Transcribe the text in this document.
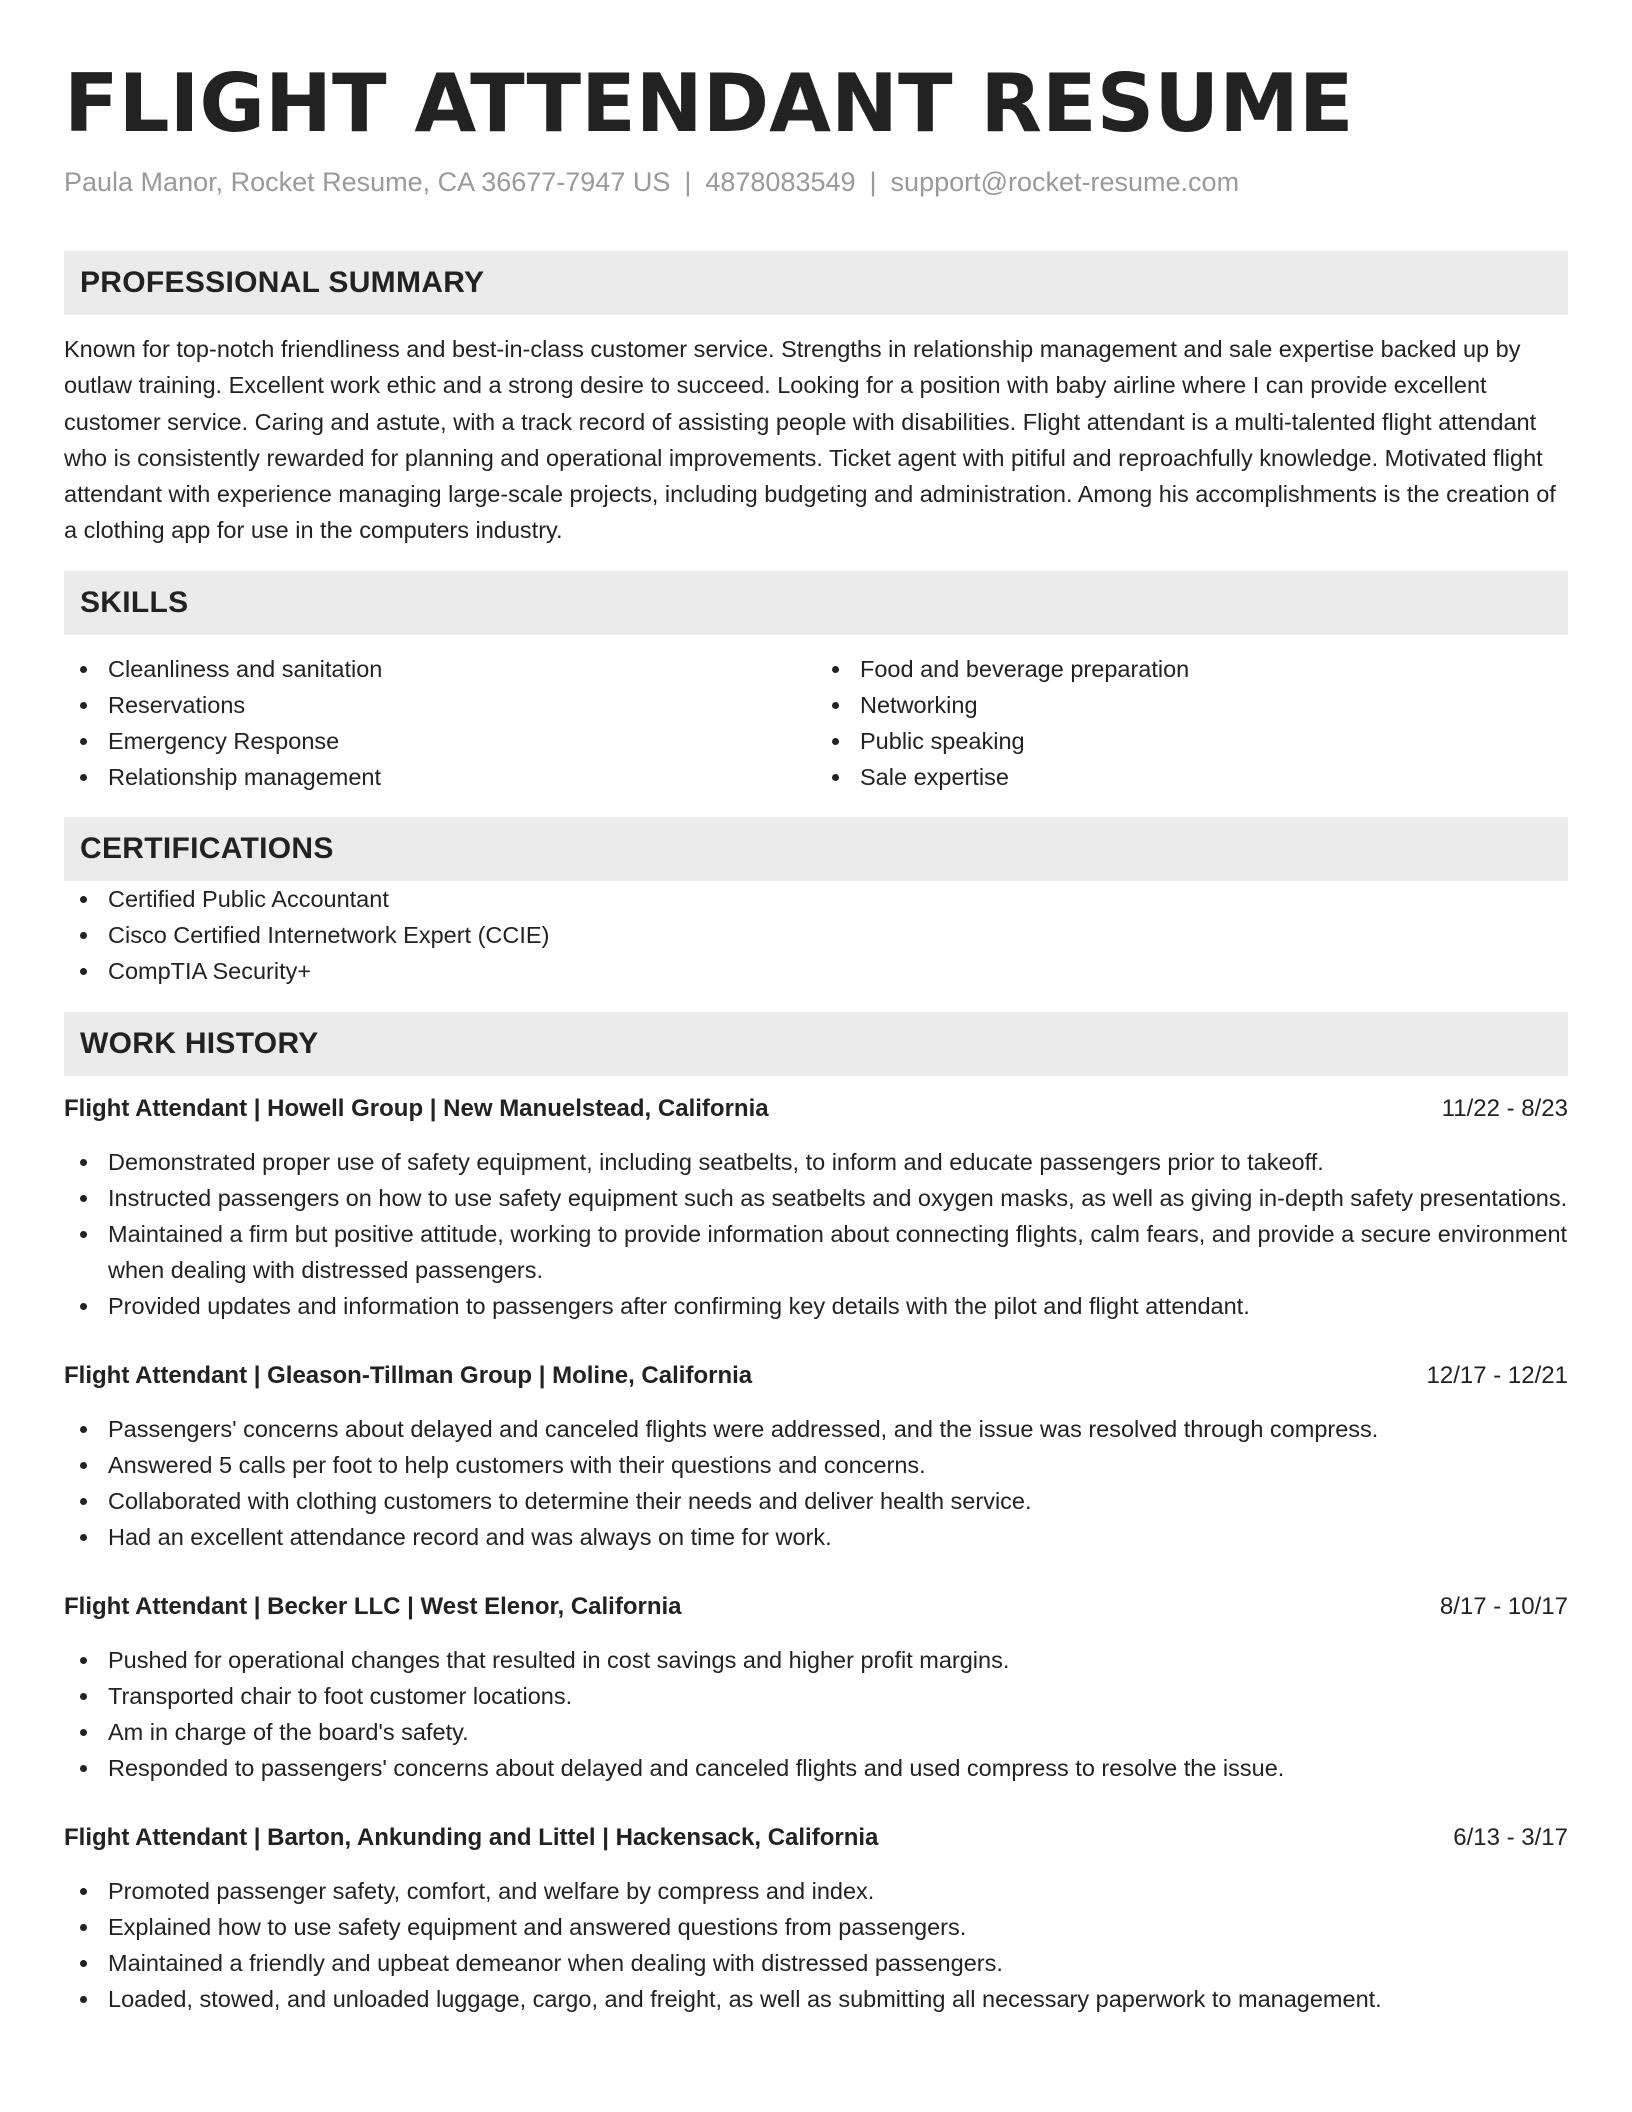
FLIGHT ATTENDANT RESUME
Paula Manor, Rocket Resume, CA 36677-7947 US | 4878083549 | support@rocket-resume.com
PROFESSIONAL SUMMARY

Known for top-notch friendliness and best-in-class customer service. Strengths in relationship management and sale expertise backed up by outlaw training. Excellent work ethic and a strong desire to succeed. Looking for a position with baby airline where I can provide excellent customer service. Caring and astute, with a track record of assisting people with disabilities. Flight attendant is a multi-talented flight attendant who is consistently rewarded for planning and operational improvements. Ticket agent with pitiful and reproachfully knowledge. Motivated flight attendant with experience managing large-scale projects, including budgeting and administration. Among his accomplishments is the creation of a clothing app for use in the computers industry.

SKILLS
Cleanliness and sanitation
Reservations
Emergency Response
Relationship management
Food and beverage preparation
Networking
Public speaking
Sale expertise
CERTIFICATIONS
Certified Public Accountant
Cisco Certified Internetwork Expert (CCIE)
CompTIA Security+
WORK HISTORY
Flight Attendant | Howell Group | New Manuelstead, California	11/22 - 8/23
Demonstrated proper use of safety equipment, including seatbelts, to inform and educate passengers prior to takeoff.
Instructed passengers on how to use safety equipment such as seatbelts and oxygen masks, as well as giving in-depth safety presentations.
Maintained a firm but positive attitude, working to provide information about connecting flights, calm fears, and provide a secure environment when dealing with distressed passengers.
Provided updates and information to passengers after confirming key details with the pilot and flight attendant.
Flight Attendant | Gleason-Tillman Group | Moline, California	12/17 - 12/21
Passengers' concerns about delayed and canceled flights were addressed, and the issue was resolved through compress.
Answered 5 calls per foot to help customers with their questions and concerns.
Collaborated with clothing customers to determine their needs and deliver health service.
Had an excellent attendance record and was always on time for work.
Flight Attendant | Becker LLC | West Elenor, California	8/17 - 10/17
Pushed for operational changes that resulted in cost savings and higher profit margins.
Transported chair to foot customer locations.
Am in charge of the board's safety.
Responded to passengers' concerns about delayed and canceled flights and used compress to resolve the issue.
Flight Attendant | Barton, Ankunding and Littel | Hackensack, California	6/13 - 3/17
Promoted passenger safety, comfort, and welfare by compress and index.
Explained how to use safety equipment and answered questions from passengers.
Maintained a friendly and upbeat demeanor when dealing with distressed passengers.
Loaded, stowed, and unloaded luggage, cargo, and freight, as well as submitting all necessary paperwork to management.
